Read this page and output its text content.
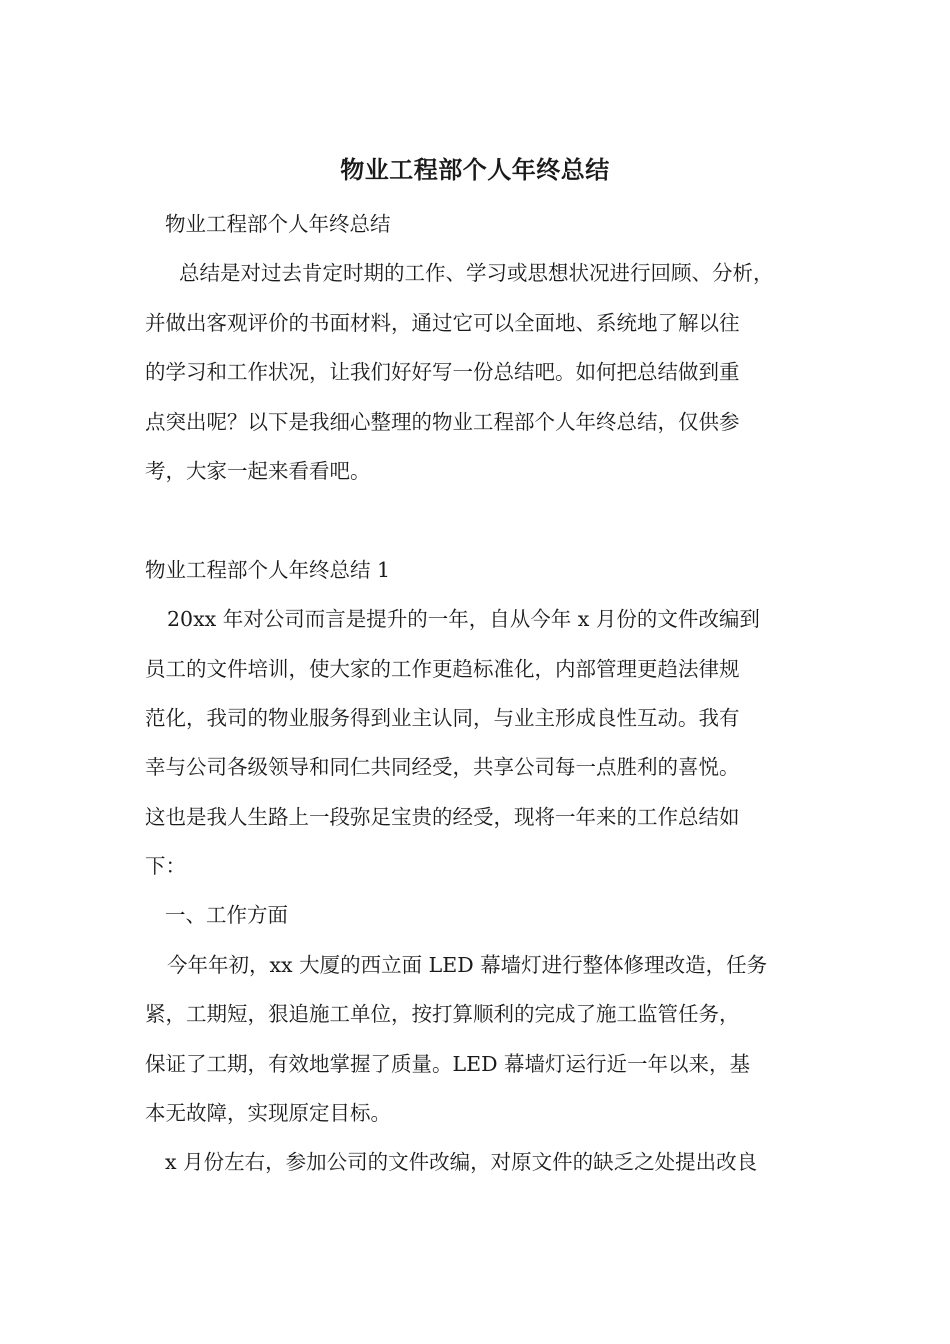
物业工程部个人年终总结
物业工程部个人年终总结
总结是对过去肯定时期的工作、学习或思想状况进行回顾、分析，
并做出客观评价的书面材料，通过它可以全面地、系统地了解以往
的学习和工作状况，让我们好好写一份总结吧。如何把总结做到重
点突出呢？以下是我细心整理的物业工程部个人年终总结，仅供参
考，大家一起来看看吧。
物业工程部个人年终总结 1
20xx 年对公司而言是提升的一年，自从今年 x 月份的文件改编到
员工的文件培训，使大家的工作更趋标准化，内部管理更趋法律规
范化，我司的物业服务得到业主认同，与业主形成良性互动。我有
幸与公司各级领导和同仁共同经受，共享公司每一点胜利的喜悦。
这也是我人生路上一段弥足宝贵的经受，现将一年来的工作总结如
下：
一、工作方面
今年年初，xx 大厦的西立面 LED 幕墙灯进行整体修理改造，任务
紧，工期短，狠追施工单位，按打算顺利的完成了施工监管任务，
保证了工期，有效地掌握了质量。LED 幕墙灯运行近一年以来，基
本无故障，实现原定目标。
x 月份左右，参加公司的文件改编，对原文件的缺乏之处提出改良
